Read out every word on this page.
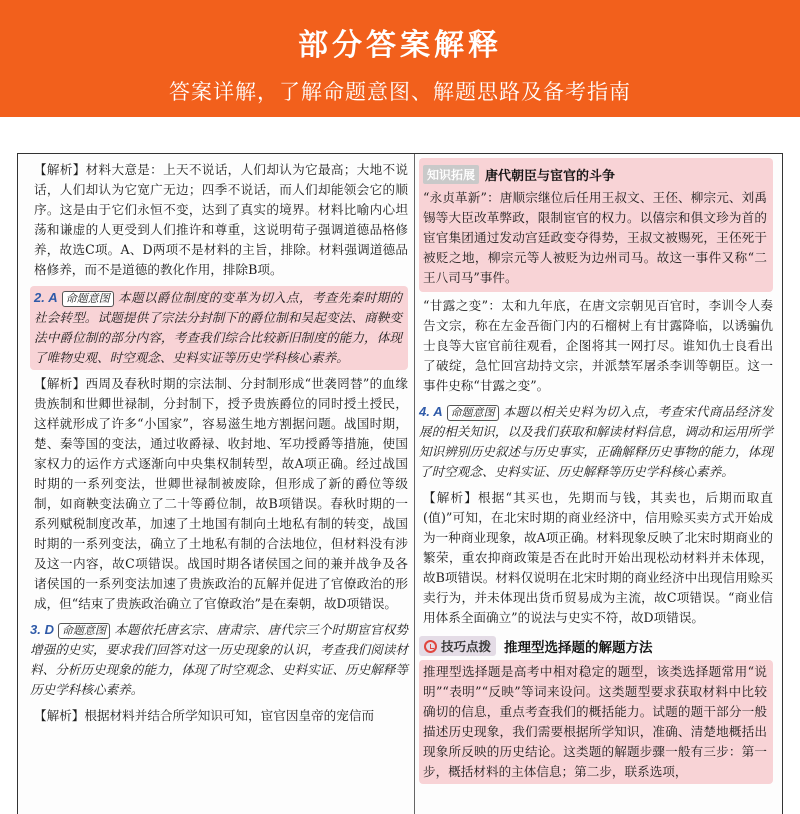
部分答案解释
答案详解，了解命题意图、解题思路及备考指南

【解析】材料大意是：上天不说话，人们却认为它最高；大地不说话，人们却认为它宽广无边；四季不说话，而人们却能领会它的顺序。这是由于它们永恒不变，达到了真实的境界。材料比喻内心坦荡和谦虚的人更受到人们推许和尊重，这说明荀子强调道德品格修养，故选C项。A、D两项不是材料的主旨，排除。材料强调道德品格修养，而不是道德的教化作用，排除B项。

2. A 命题意图 本题以爵位制度的变革为切入点，考查先秦时期的社会转型。试题提供了宗法分封制下的爵位制和吴起变法、商鞅变法中爵位制的部分内容，考查我们综合比较新旧制度的能力，体现了唯物史观、时空观念、史料实证等历史学科核心素养。

【解析】西周及春秋时期的宗法制、分封制形成“世袭罔替”的血缘贵族制和世卿世禄制，分封制下，授予贵族爵位的同时授土授民，这样就形成了许多“小国家”，容易滋生地方割据问题。战国时期，楚、秦等国的变法，通过收爵禄、收封地、军功授爵等措施，使国家权力的运作方式逐渐向中央集权制转型，故A项正确。经过战国时期的一系列变法，世卿世禄制被废除，但形成了新的爵位等级制，如商鞅变法确立了二十等爵位制，故B项错误。春秋时期的一系列赋税制度改革，加速了土地国有制向土地私有制的转变，战国时期的一系列变法，确立了土地私有制的合法地位，但材料没有涉及这一内容，故C项错误。战国时期各诸侯国之间的兼并战争及各诸侯国的一系列变法加速了贵族政治的瓦解并促进了官僚政治的形成，但“结束了贵族政治确立了官僚政治”是在秦朝，故D项错误。

3. D 命题意图 本题依托唐玄宗、唐肃宗、唐代宗三个时期宦官权势增强的史实，要求我们回答对这一历史现象的认识，考查我们阅读材料、分析历史现象的能力，体现了时空观念、史料实证、历史解释等历史学科核心素养。

【解析】根据材料并结合所学知识可知，宦官因皇帝的宠信而

知识拓展 唐代朝臣与宦官的斗争

“永贞革新”：唐顺宗继位后任用王叔文、王伾、柳宗元、刘禹锡等大臣改革弊政，限制宦官的权力。以僖宗和俱文珍为首的宦官集团通过发动宫廷政变夺得势，王叔文被赐死，王伾死于被贬之地，柳宗元等人被贬为边州司马。故这一事件又称“二王八司马”事件。

“甘露之变”：太和九年底，在唐文宗朝见百官时，李训令人奏告文宗，称在左金吾衙门内的石榴树上有甘露降临，以诱骗仇士良等大宦官前往观看，企图将其一网打尽。谁知仇士良看出了破绽，急忙回宫劫持文宗，并派禁军屠杀李训等朝臣。这一事件史称“甘露之变”。

4. A 命题意图 本题以相关史料为切入点，考查宋代商品经济发展的相关知识，以及我们获取和解读材料信息，调动和运用所学知识辨别历史叙述与历史事实，正确解释历史事物的能力，体现了时空观念、史料实证、历史解释等历史学科核心素养。

【解析】根据“其买也，先期而与钱，其卖也，后期而取直(值)”可知，在北宋时期的商业经济中，信用赊买卖方式开始成为一种商业现象，故A项正确。材料现象反映了北宋时期商业的繁荣，重农抑商政策是否在此时开始出现松动材料并未体现，故B项错误。材料仅说明在北宋时期的商业经济中出现信用赊买卖行为，并未体现出货币贸易成为主流，故C项错误。“商业信用体系全面确立”的说法与史实不符，故D项错误。

技巧点拨 推理型选择题的解题方法
推理型选择题是高考中相对稳定的题型，该类选择题常用“说明”“表明”“反映”等词来设问。这类题型要求获取材料中比较确切的信息，重点考查我们的概括能力。试题的题干部分一般描述历史现象，我们需要根据所学知识，准确、清楚地概括出现象所反映的历史结论。这类题的解题步骤一般有三步：第一步，概括材料的主体信息；第二步，联系选项，
